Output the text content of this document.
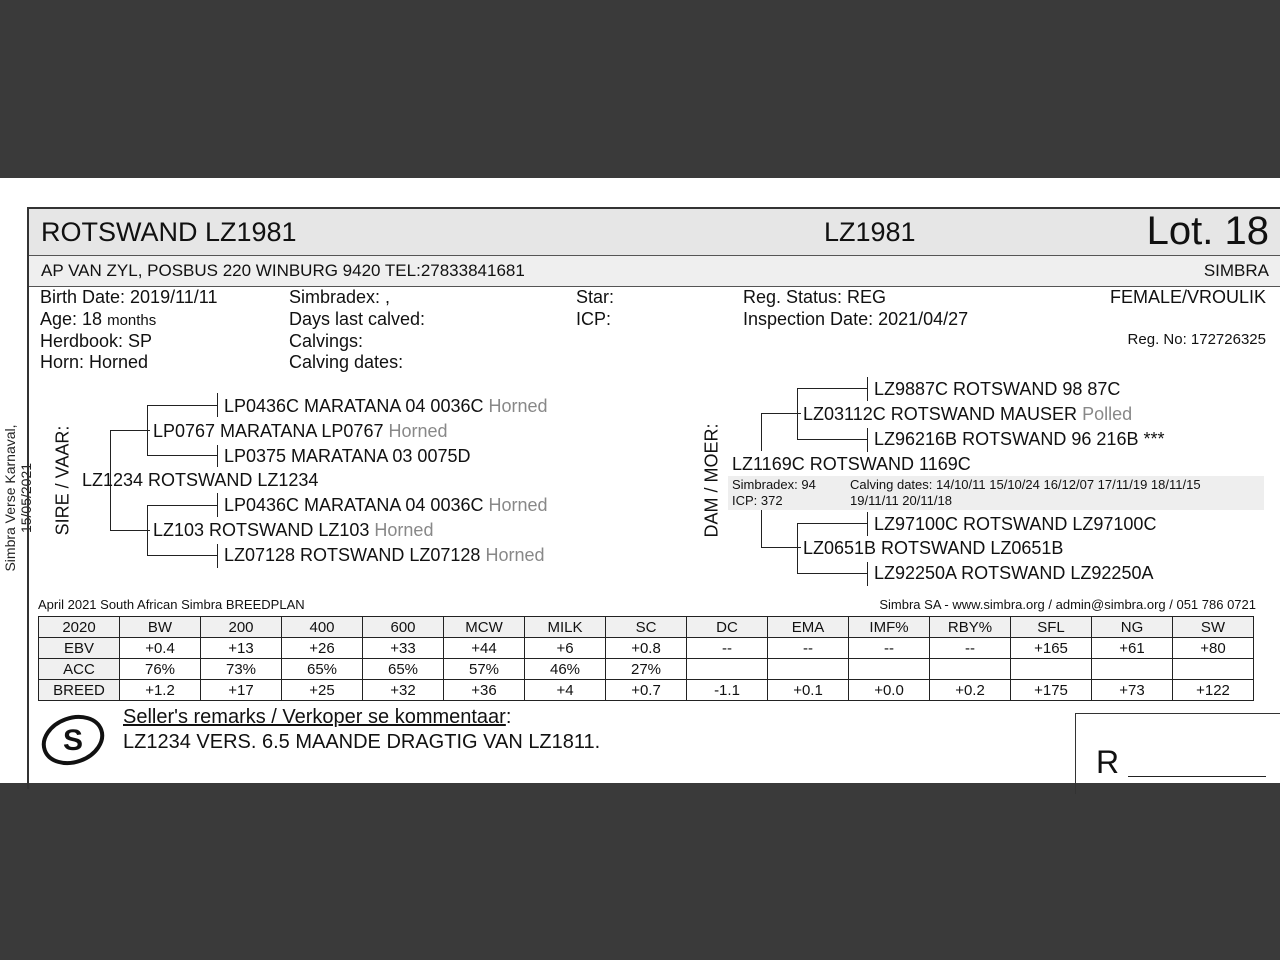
Simbra Verse Karnaval, 15/05/2021
ROTSWAND LZ1981	LZ1981	Lot. 18
AP VAN ZYL, POSBUS 220 WINBURG 9420 TEL:27833841681	SIMBRA
Birth Date: 2019/11/11
Age: 18 months
Herdbook: SP
Horn: Horned
Simbradex: ,
Days last calved:
Calvings:
Calving dates:
Star:
ICP:
Reg. Status: REG
Inspection Date: 2021/04/27
FEMALE/VROULIK
Reg. No: 172726325
SIRE / VAAR:
LP0436C MARATANA 04 0036C Horned
LP0767 MARATANA LP0767 Horned
LP0375 MARATANA 03 0075D
LZ1234 ROTSWAND LZ1234
LP0436C MARATANA 04 0036C Horned
LZ103 ROTSWAND LZ103 Horned
LZ07128 ROTSWAND LZ07128 Horned
DAM / MOER:
LZ9887C ROTSWAND 98 87C
LZ03112C ROTSWAND MAUSER Polled
LZ96216B ROTSWAND 96 216B ***
LZ1169C ROTSWAND 1169C
LZ97100C ROTSWAND LZ97100C
LZ0651B ROTSWAND LZ0651B
LZ92250A ROTSWAND LZ92250A
Simbradex: 94
ICP: 372
Calving dates: 14/10/11 15/10/24 16/12/07 17/11/19 18/11/15
19/11/11 20/11/18
April 2021 South African Simbra BREEDPLAN	Simbra SA - www.simbra.org / admin@simbra.org / 051 786 0721
2020	BW	200	400	600	MCW	MILK	SC	DC	EMA	IMF%	RBY%	SFL	NG	SW
EBV	+0.4	+13	+26	+33	+44	+6	+0.8	--	--	--	--	+165	+61	+80
ACC	76%	73%	65%	65%	57%	46%	27%							
BREED	+1.2	+17	+25	+32	+36	+4	+0.7	-1.1	+0.1	+0.0	+0.2	+175	+73	+122
S
Seller's remarks / Verkoper se kommentaar:
LZ1234 VERS. 6.5 MAANDE DRAGTIG VAN LZ1811.
R
